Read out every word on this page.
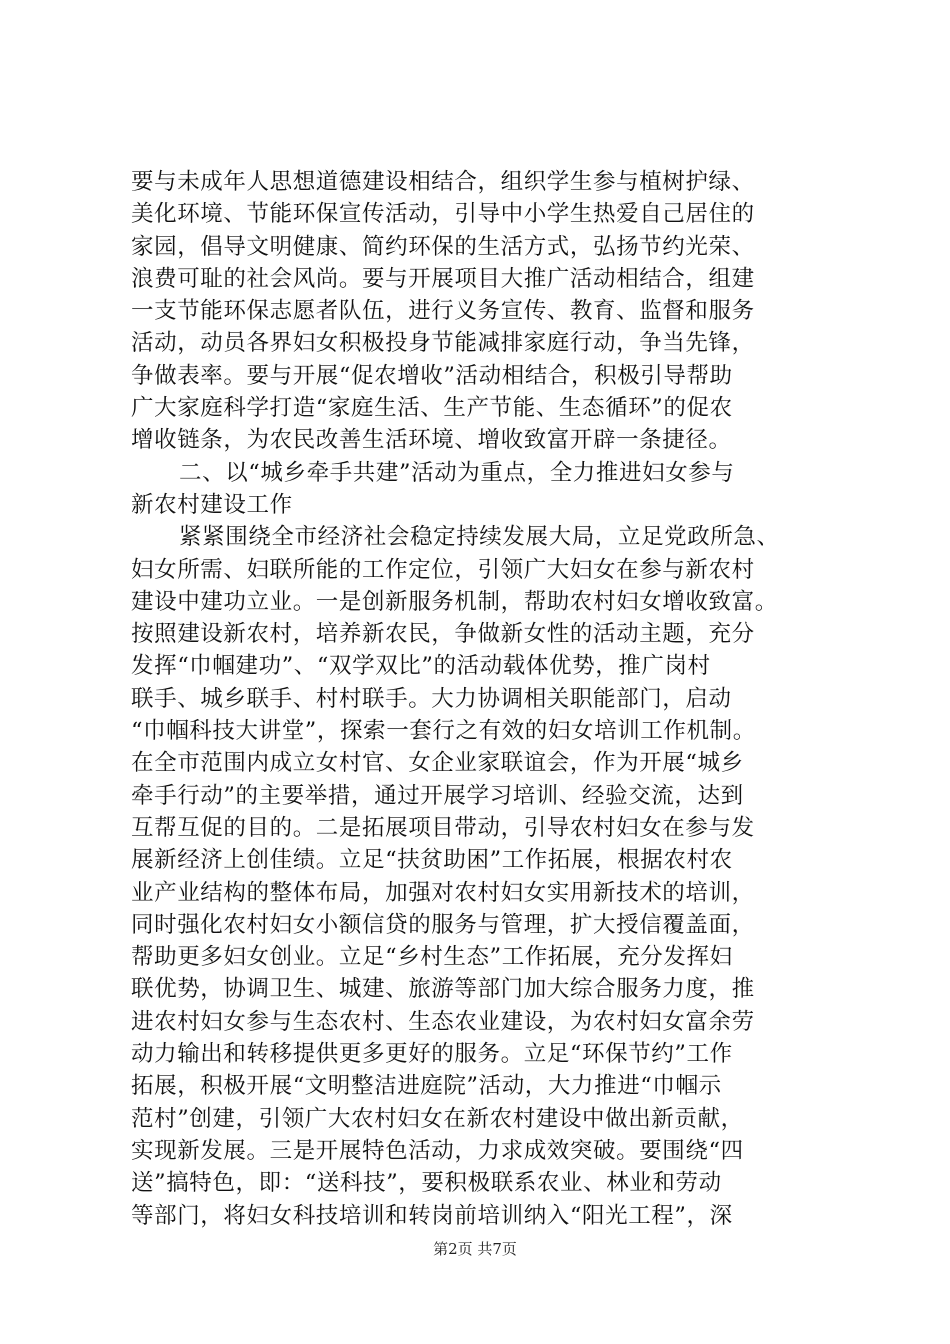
要与未成年人思想道德建设相结合，组织学生参与植树护绿、
美化环境、节能环保宣传活动，引导中小学生热爱自己居住的
家园，倡导文明健康、简约环保的生活方式，弘扬节约光荣、
浪费可耻的社会风尚。要与开展项目大推广活动相结合，组建
一支节能环保志愿者队伍，进行义务宣传、教育、监督和服务
活动，动员各界妇女积极投身节能减排家庭行动，争当先锋，
争做表率。要与开展“促农增收”活动相结合，积极引导帮助
广大家庭科学打造“家庭生活、生产节能、生态循环”的促农
增收链条，为农民改善生活环境、增收致富开辟一条捷径。
二、以“城乡牵手共建”活动为重点，全力推进妇女参与
新农村建设工作
紧紧围绕全市经济社会稳定持续发展大局，立足党政所急、
妇女所需、妇联所能的工作定位，引领广大妇女在参与新农村
建设中建功立业。一是创新服务机制，帮助农村妇女增收致富。
按照建设新农村，培养新农民，争做新女性的活动主题，充分
发挥“巾帼建功”、“双学双比”的活动载体优势，推广岗村
联手、城乡联手、村村联手。大力协调相关职能部门，启动
“巾帼科技大讲堂”，探索一套行之有效的妇女培训工作机制。
在全市范围内成立女村官、女企业家联谊会，作为开展“城乡
牵手行动”的主要举措，通过开展学习培训、经验交流，达到
互帮互促的目的。二是拓展项目带动，引导农村妇女在参与发
展新经济上创佳绩。立足“扶贫助困”工作拓展，根据农村农
业产业结构的整体布局，加强对农村妇女实用新技术的培训，
同时强化农村妇女小额信贷的服务与管理，扩大授信覆盖面，
帮助更多妇女创业。立足“乡村生态”工作拓展，充分发挥妇
联优势，协调卫生、城建、旅游等部门加大综合服务力度，推
进农村妇女参与生态农村、生态农业建设，为农村妇女富余劳
动力输出和转移提供更多更好的服务。立足“环保节约”工作
拓展，积极开展“文明整洁进庭院”活动，大力推进“巾帼示
范村”创建，引领广大农村妇女在新农村建设中做出新贡献，
实现新发展。三是开展特色活动，力求成效突破。要围绕“四
送”搞特色，即：“送科技”，要积极联系农业、林业和劳动
等部门，将妇女科技培训和转岗前培训纳入“阳光工程”，深
第2页 共7页
